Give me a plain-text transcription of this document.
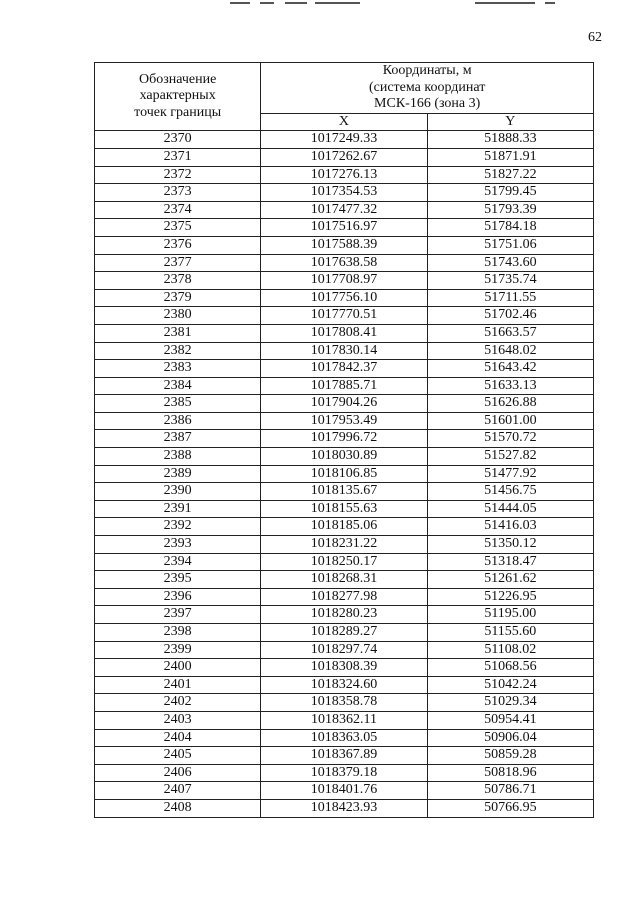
62
Обозначение
характерных
точек границы	Координаты, м
(система координат
МСК-166 (зона 3)	

	X	Y
2370	1017249.33	51888.33
2371	1017262.67	51871.91
2372	1017276.13	51827.22
2373	1017354.53	51799.45
2374	1017477.32	51793.39
2375	1017516.97	51784.18
2376	1017588.39	51751.06
2377	1017638.58	51743.60
2378	1017708.97	51735.74
2379	1017756.10	51711.55
2380	1017770.51	51702.46
2381	1017808.41	51663.57
2382	1017830.14	51648.02
2383	1017842.37	51643.42
2384	1017885.71	51633.13
2385	1017904.26	51626.88
2386	1017953.49	51601.00
2387	1017996.72	51570.72
2388	1018030.89	51527.82
2389	1018106.85	51477.92
2390	1018135.67	51456.75
2391	1018155.63	51444.05
2392	1018185.06	51416.03
2393	1018231.22	51350.12
2394	1018250.17	51318.47
2395	1018268.31	51261.62
2396	1018277.98	51226.95
2397	1018280.23	51195.00
2398	1018289.27	51155.60
2399	1018297.74	51108.02
2400	1018308.39	51068.56
2401	1018324.60	51042.24
2402	1018358.78	51029.34
2403	1018362.11	50954.41
2404	1018363.05	50906.04
2405	1018367.89	50859.28
2406	1018379.18	50818.96
2407	1018401.76	50786.71
2408	1018423.93	50766.95
